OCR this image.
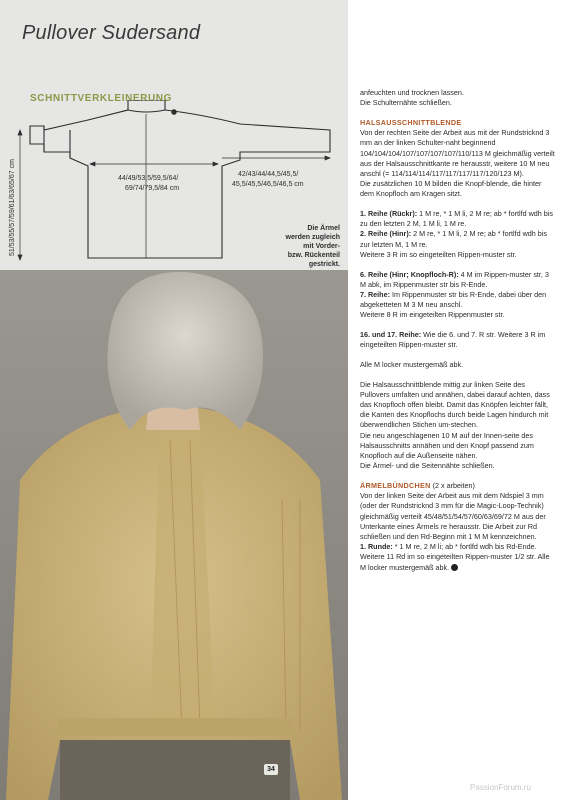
Pullover Sudersand
SCHNITTVERKLEINERUNG
44/49/53,5/59,5/64/
69/74/79,5/84 cm
42/43/44/44,5/45,5/
45,5/45,5/46,5/46,5 cm
51/53/55/57/59/61/63/65/67 cm	Die Ärmel
werden zugleich
mit Vorder-
bzw. Rückenteil
gestrickt.
34

anfeuchten und trocknen lassen.
Die Schulternähte schließen.

HALSAUSSCHNITTBLENDE

Von der rechten Seite der Arbeit aus mit der Rundstricknd 3 mm an der linken Schulter-naht beginnend 104/104/104/107/107/107/107/110/113 M gleichmäßig verteilt aus der Halsausschnittkante re herausstr, weitere 10 M neu anschl (= 114/114/114/117/117/117/117/120/123 M).

Die zusätzlichen 10 M bilden die Knopf-blende, die hinter dem Knopfloch am Kragen sitzt.

1. Reihe (Rückr): 1 M re, * 1 M li, 2 M re; ab * fortlfd wdh bis zu den letzten 2 M, 1 M li, 1 M re.
2. Reihe (Hinr): 2 M re, * 1 M li, 2 M re; ab * fortlfd wdh bis zur letzten M, 1 M re.
Weitere 3 R im so eingeteilten Rippen-muster str.

6. Reihe (Hinr; Knopfloch-R): 4 M im Rippen-muster str, 3 M abk, im Rippenmuster str bis R-Ende.
7. Reihe: Im Rippenmuster str bis R-Ende, dabei über den abgeketteten M 3 M neu anschl.
Weitere 8 R im eingeteilten Rippenmuster str.

16. und 17. Reihe: Wie die 6. und 7. R str. Weitere 3 R im eingeteilten Rippen-muster str.

Alle M locker mustergemäß abk.

Die Halsausschnittblende mittig zur linken Seite des Pullovers umfalten und annähen, dabei darauf achten, dass das Knopfloch offen bleibt. Damit das Knöpfen leichter fällt, die Kanten des Knopflochs durch beide Lagen hindurch mit überwendlichen Stichen um-stechen.

Die neu angeschlagenen 10 M auf der Innen-seite des Halsausschnitts annähen und den Knopf passend zum Knopfloch auf die Außenseite nähen.

Die Ärmel- und die Seitennähte schließen.

ÄRMELBÜNDCHEN (2 x arbeiten)

Von der linken Seite der Arbeit aus mit dem Ndspiel 3 mm (oder der Rundstricknd 3 mm für die Magic-Loop-Technik) gleichmäßig verteilt 45/48/51/54/57/60/63/69/72 M aus der Unterkante eines Ärmels re herausstr. Die Arbeit zur Rd schließen und den Rd-Beginn mit 1 M M kennzeichnen.

1. Runde: * 1 M re, 2 M li; ab * fortlfd wdh bis Rd-Ende.
Weitere 11 Rd im so eingeteilten Rippen-muster 1/2 str. Alle M locker mustergemäß abk.

PassionForum.ru
